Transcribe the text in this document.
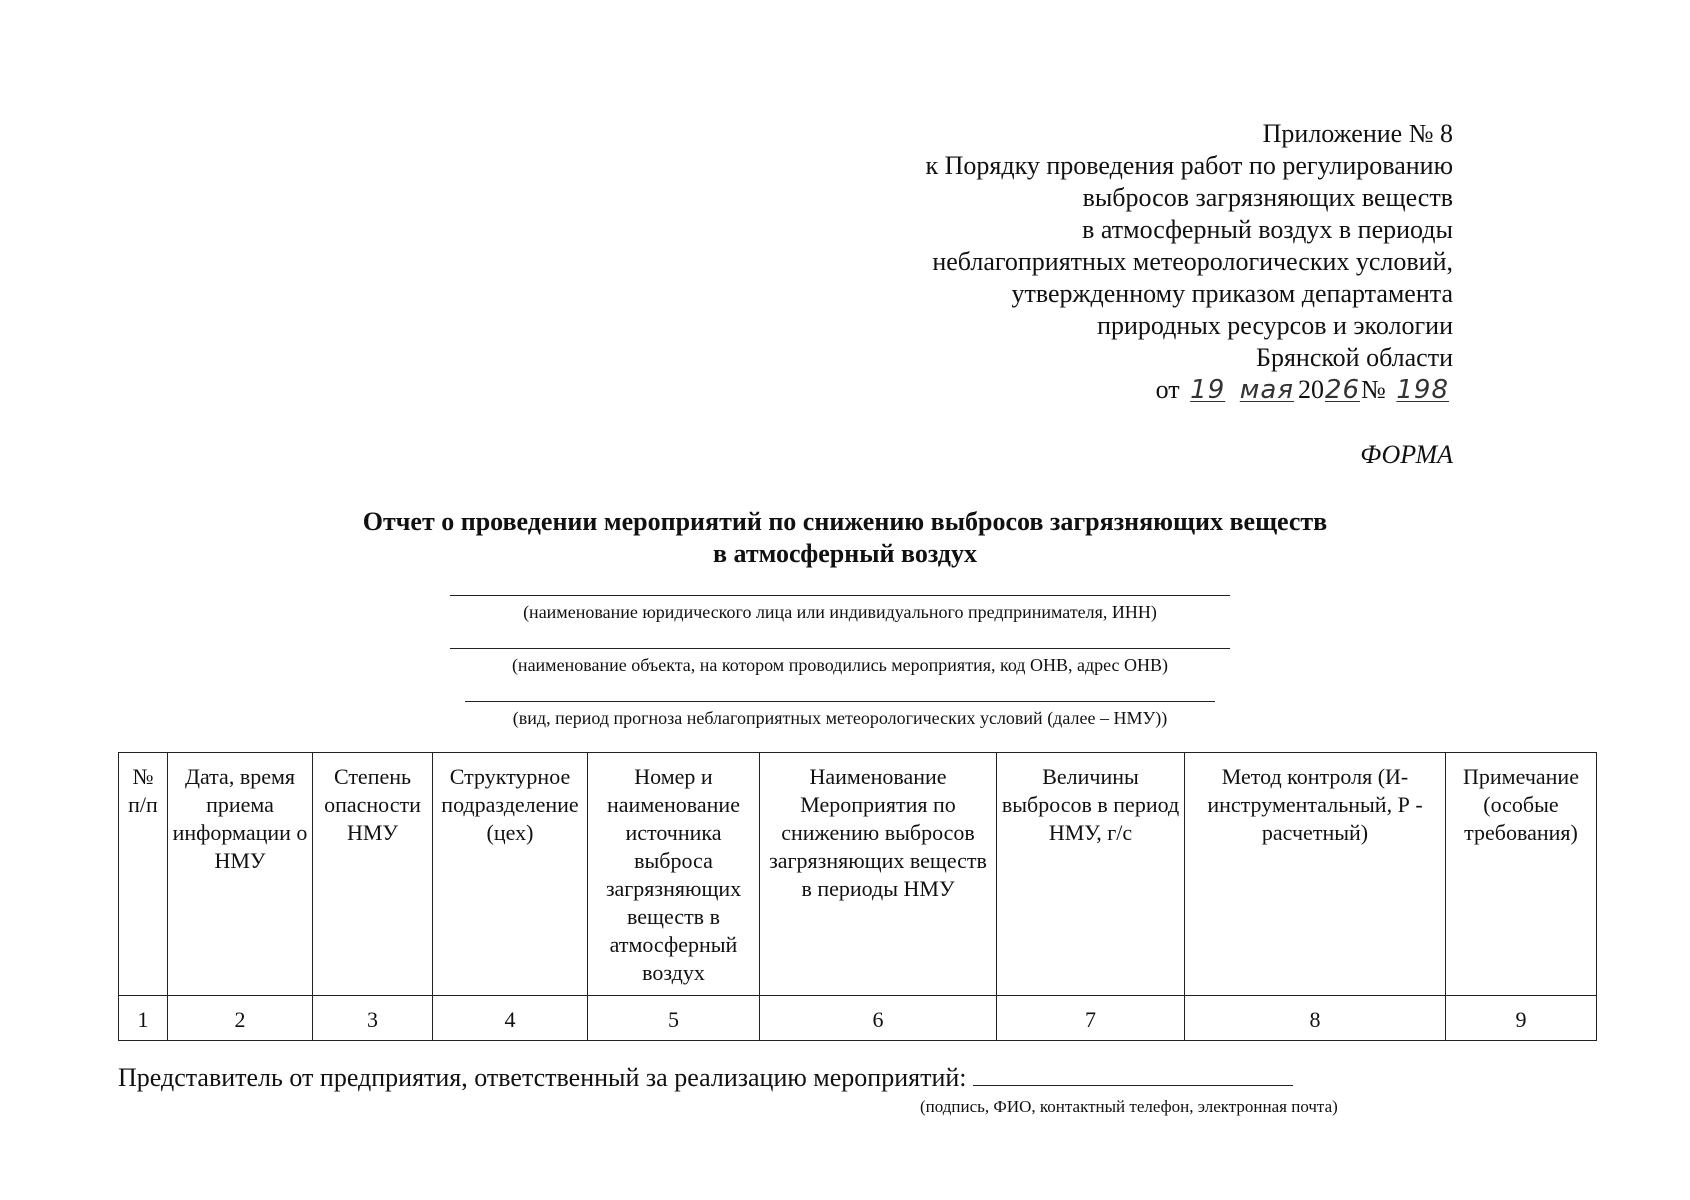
Приложение № 8
к Порядку проведения работ по регулированию
выбросов загрязняющих веществ
в атмосферный воздух в периоды
неблагоприятных метеорологических условий,
утвержденному приказом департамента
природных ресурсов и экологии
Брянской области
от 19 мая 2026№ 198
ФОРМА
Отчет о проведении мероприятий по снижению выбросов загрязняющих веществ
в атмосферный воздух
(наименование юридического лица или индивидуального предпринимателя, ИНН)
(наименование объекта, на котором проводились мероприятия, код ОНВ, адрес ОНВ)
(вид, период прогноза неблагоприятных метеорологических условий (далее – НМУ))
№ п/п	Дата, время приема информации о НМУ	Степень опасности НМУ	Структурное подразделение (цех)	Номер и наименование источника выброса загрязняющих веществ в атмосферный воздух	Наименование Мероприятия по снижению выбросов загрязняющих веществ в периоды НМУ	Величины выбросов в период НМУ, г/с	Метод контроля (И- инструментальный, Р - расчетный)	Примечание (особые требования)
1	2	3	4	5	6	7	8	9
Представитель от предприятия, ответственный за реализацию мероприятий:
(подпись, ФИО, контактный телефон, электронная почта)
